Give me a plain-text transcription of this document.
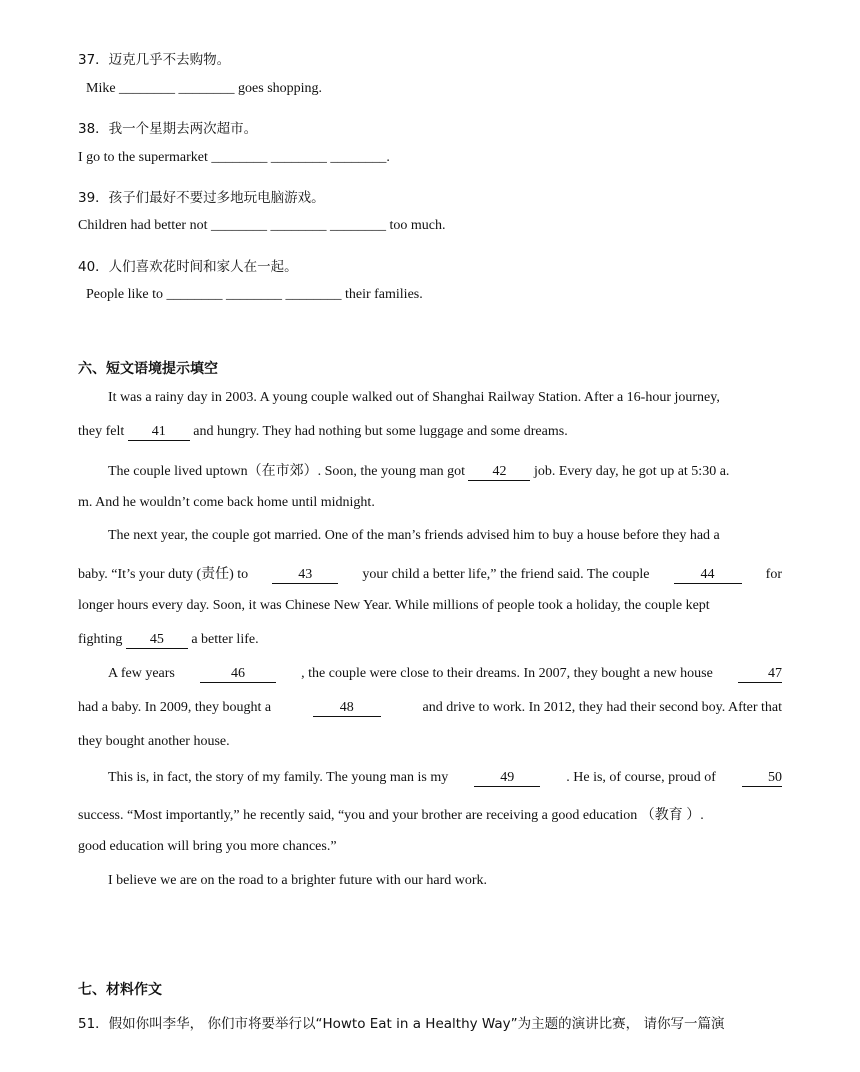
37．迈克几乎不去购物。
Mike ________ ________ goes shopping.
38．我一个星期去两次超市。
I go to the supermarket ________ ________ ________.
39．孩子们最好不要过多地玩电脑游戏。
Children had better not ________ ________ ________ too much.
40．人们喜欢花时间和家人在一起。
People like to ________ ________ ________ their families.
六、短文语境提示填空
It was a rainy day in 2003. A young couple walked out of Shanghai Railway Station. After a 16-hour journey,
they felt 41 and hungry. They had nothing but some luggage and some dreams.
The couple lived uptown（在市郊）. Soon, the young man got 42 job. Every day, he got up at 5:30 a.
m. And he wouldn’t come back home until midnight.
The next year, the couple got married. One of the man’s friends advised him to buy a house before they had a
baby. “It’s your duty (责任) to	43	your child a better life,” the friend said. The couple	44	for
longer hours every day. Soon, it was Chinese New Year. While millions of people took a holiday, the couple kept
fighting 45 a better life.
A few years	46	, the couple were close to their dreams. In 2007, they bought a new house	47
had a baby. In 2009, they bought a	48	and drive to work. In 2012, they had their second boy. After that
they bought another house.
This is, in fact, the story of my family. The young man is my	49	. He is, of course, proud of	50
success. “Most importantly,” he recently said, “you and your brother are receiving a good education （教育 ）.
good education will bring you more chances.”
I believe we are on the road to a brighter future with our hard work.
七、材料作文
51．假如你叫李华， 你们市将要举行以“Howto Eat in a Healthy Way”为主题的演讲比赛， 请你写一篇演
